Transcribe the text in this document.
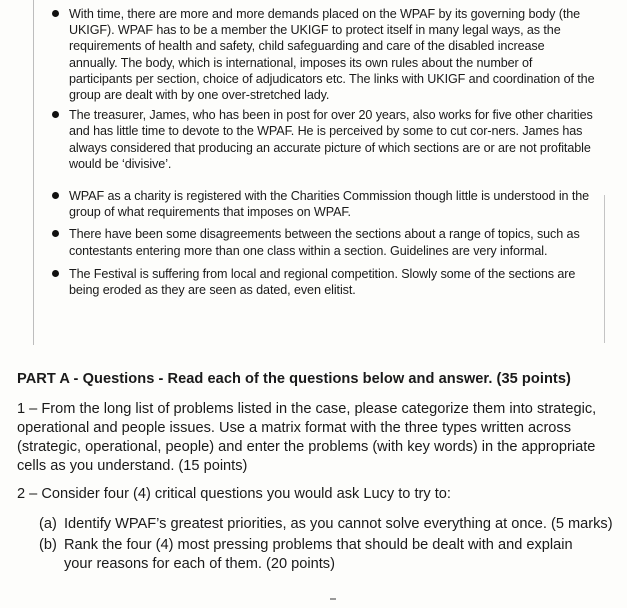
With time, there are more and more demands placed on the WPAF by its governing body (the UKIGF). WPAF has to be a member the UKIGF to protect itself in many legal ways, as the requirements of health and safety, child safeguarding and care of the disabled increase annually. The body, which is international, imposes its own rules about the number of participants per section, choice of adjudicators etc. The links with UKIGF and coordination of the group are dealt with by one over-stretched lady.
The treasurer, James, who has been in post for over 20 years, also works for five other charities and has little time to devote to the WPAF. He is perceived by some to cut cor-ners. James has always considered that producing an accurate picture of which sections are or are not profitable would be ‘divisive’.
WPAF as a charity is registered with the Charities Commission though little is understood in the group of what requirements that imposes on WPAF.
There have been some disagreements between the sections about a range of topics, such as contestants entering more than one class within a section. Guidelines are very informal.
The Festival is suffering from local and regional competition. Slowly some of the sections are being eroded as they are seen as dated, even elitist.
PART A - Questions - Read each of the questions below and answer. (35 points)
1 – From the long list of problems listed in the case, please categorize them into strategic, operational and people issues. Use a matrix format with the three types written across (strategic, operational, people) and enter the problems (with key words) in the appropriate cells as you understand. (15 points)
2 – Consider four (4) critical questions you would ask Lucy to try to:
(a) Identify WPAF’s greatest priorities, as you cannot solve everything at once. (5 marks)
(b) Rank the four (4) most pressing problems that should be dealt with and explain your reasons for each of them. (20 points)
